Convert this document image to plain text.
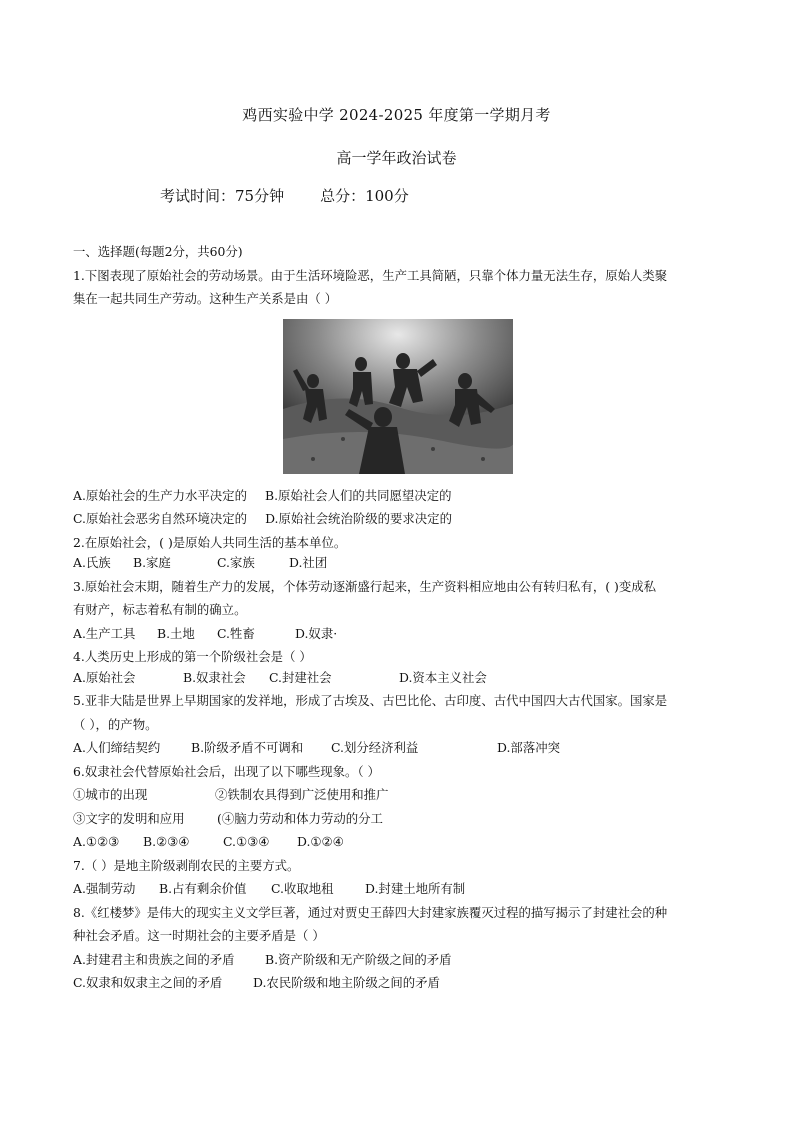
鸡西实验中学 2024-2025 年度第一学期月考
高一学年政治试卷
考试时间：75分钟 总分：100分
一、选择题(每题2分，共60分)
1.下图表现了原始社会的劳动场景。由于生活环境险恶，生产工具简陋，只靠个体力量无法生存，原始人类聚
集在一起共同生产劳动。这种生产关系是由（ ）
A.原始社会的生产力水平决定的 B.原始社会人们的共同愿望决定的
C.原始社会恶劣自然环境决定的 D.原始社会统治阶级的要求决定的
2.在原始社会，( )是原始人共同生活的基本单位。
A.氏族 B.家庭	C.家族	D.社团
3.原始社会末期，随着生产力的发展，个体劳动逐渐盛行起来，生产资料相应地由公有转归私有，( )变成私
有财产，标志着私有制的确立。
A.生产工具 B.土地 C.牲畜	D.奴隶·
4.人类历史上形成的第一个阶级社会是（ ）
A.原始社会	B.奴隶社会 C.封建社会	D.资本主义社会
5.亚非大陆是世界上早期国家的发祥地，形成了古埃及、古巴比伦、古印度、古代中国四大古代国家。国家是
（ ），的产物。
A.人们缔结契约 B.阶级矛盾不可调和 C.划分经济利益	D.部落冲突
6.奴隶社会代替原始社会后，出现了以下哪些现象。（ ）
①城市的出现	②铁制农具得到广泛使用和推广
③文字的发明和应用	(④脑力劳动和体力劳动的分工
A.①②③ B.②③④	C.①③④ D.①②④
7.（ ）是地主阶级剥削农民的主要方式。
A.强制劳动 B.占有剩余价值 C.收取地租	D.封建土地所有制
8.《红楼梦》是伟大的现实主义文学巨著，通过对贾史王薛四大封建家族覆灭过程的描写揭示了封建社会的种
种社会矛盾。这一时期社会的主要矛盾是（ ）
A.封建君主和贵族之间的矛盾 B.资产阶级和无产阶级之间的矛盾
C.奴隶和奴隶主之间的矛盾 D.农民阶级和地主阶级之间的矛盾
